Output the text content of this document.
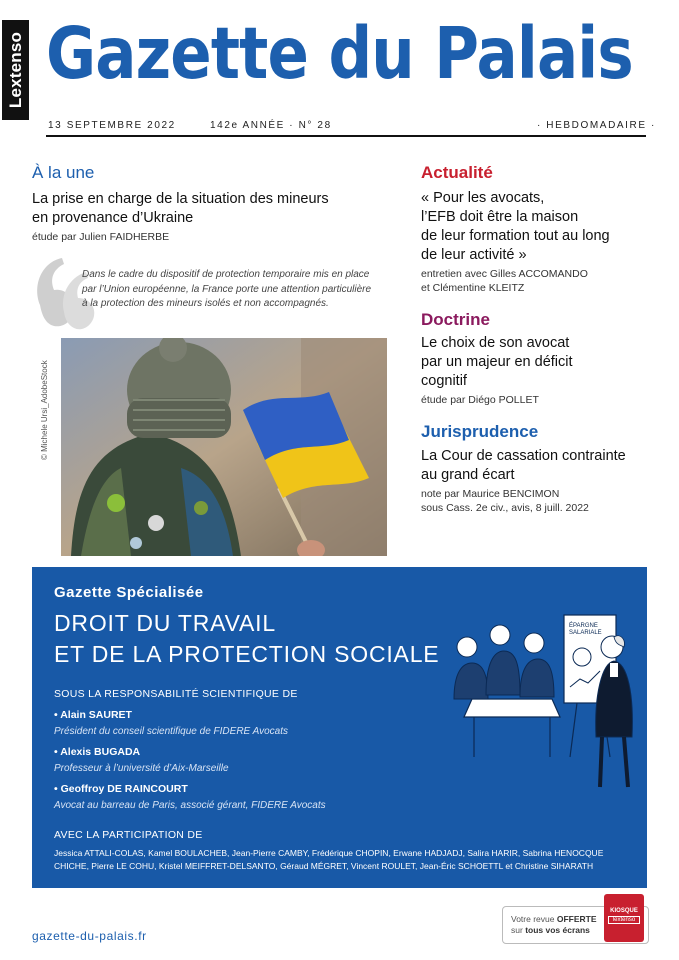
Lextenso Gazette du Palais
13 SEPTEMBRE 2022	142e ANNÉE · N° 28	· HEBDOMADAIRE ·
À la une
La prise en charge de la situation des mineurs
en provenance d’Ukraine
étude par Julien FAIDHERBE
Dans le cadre du dispositif de protection temporaire mis en place
par l’Union européenne, la France porte une attention particulière
à la protection des mineurs isolés et non accompagnés.
© Michele Ursi_AdobeStock
Actualité
« Pour les avocats,
l’EFB doit être la maison
de leur formation tout au long
de leur activité »
entretien avec Gilles ACCOMANDO
et Clémentine KLEITZ
Doctrine
Le choix de son avocat
par un majeur en déficit
cognitif
étude par Diégo POLLET
Jurisprudence
La Cour de cassation contrainte
au grand écart
note par Maurice BENCIMON
sous Cass. 2e civ., avis, 8 juill. 2022
Gazette Spécialisée
DROIT DU TRAVAIL
ET DE LA PROTECTION SOCIALE
SOUS LA RESPONSABILITÉ SCIENTIFIQUE DE
• Alain SAURET
Président du conseil scientifique de FIDERE Avocats
• Alexis BUGADA
Professeur à l’université d’Aix-Marseille
• Geoffroy DE RAINCOURT
Avocat au barreau de Paris, associé gérant, FIDERE Avocats
AVEC LA PARTICIPATION DE
Jessica ATTALI-COLAS, Kamel BOULACHEB, Jean-Pierre CAMBY, Frédérique CHOPIN, Erwane HADJADJ, Salira HARIR, Sabrina HENOCQUE
CHICHE, Pierre LE COHU, Kristel MEIFFRET-DELSANTO, Géraud MÉGRET, Vincent ROULET, Jean-Éric SCHOETTL et Christine SIHARATH
ÉPARGNE
SALARIALE
gazette-du-palais.fr
Votre revue OFFERTE
sur tous vos écrans
KIOSQUE
lextenso
